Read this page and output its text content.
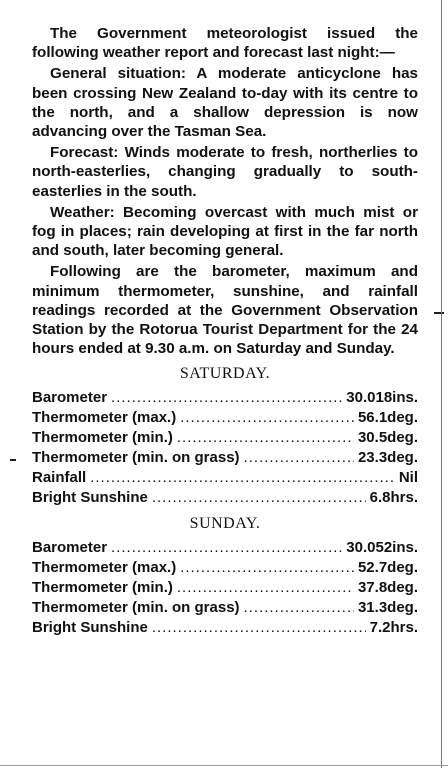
The Government meteorologist issued the following weather report and forecast last night:—

General situation: A moderate anticyclone has been crossing New Zealand to-day with its centre to the north, and a shallow depression is now advancing over the Tasman Sea.

Forecast: Winds moderate to fresh, northerlies to north-easterlies, changing gradually to south-easterlies in the south.

Weather: Becoming overcast with much mist or fog in places; rain developing at first in the far north and south, later becoming general.

Following are the barometer, maximum and minimum thermometer, sunshine, and rainfall readings recorded at the Government Observation Station by the Rotorua Tourist Department for the 24 hours ended at 9.30 a.m. on Saturday and Sunday.

SATURDAY.
Barometer .....	30.018ins.
Thermometer (max.) .....	56.1deg.
Thermometer (min.) .....	30.5deg.
Thermometer (min. on grass) .....	23.3deg.
Rainfall .....	Nil
Bright Sunshine .....	6.8hrs.
SUNDAY.
Barometer .....	30.052ins.
Thermometer (max.) .....	52.7deg.
Thermometer (min.) .....	37.8deg.
Thermometer (min. on grass) .....	31.3deg.
Bright Sunshine .....	7.2hrs.
